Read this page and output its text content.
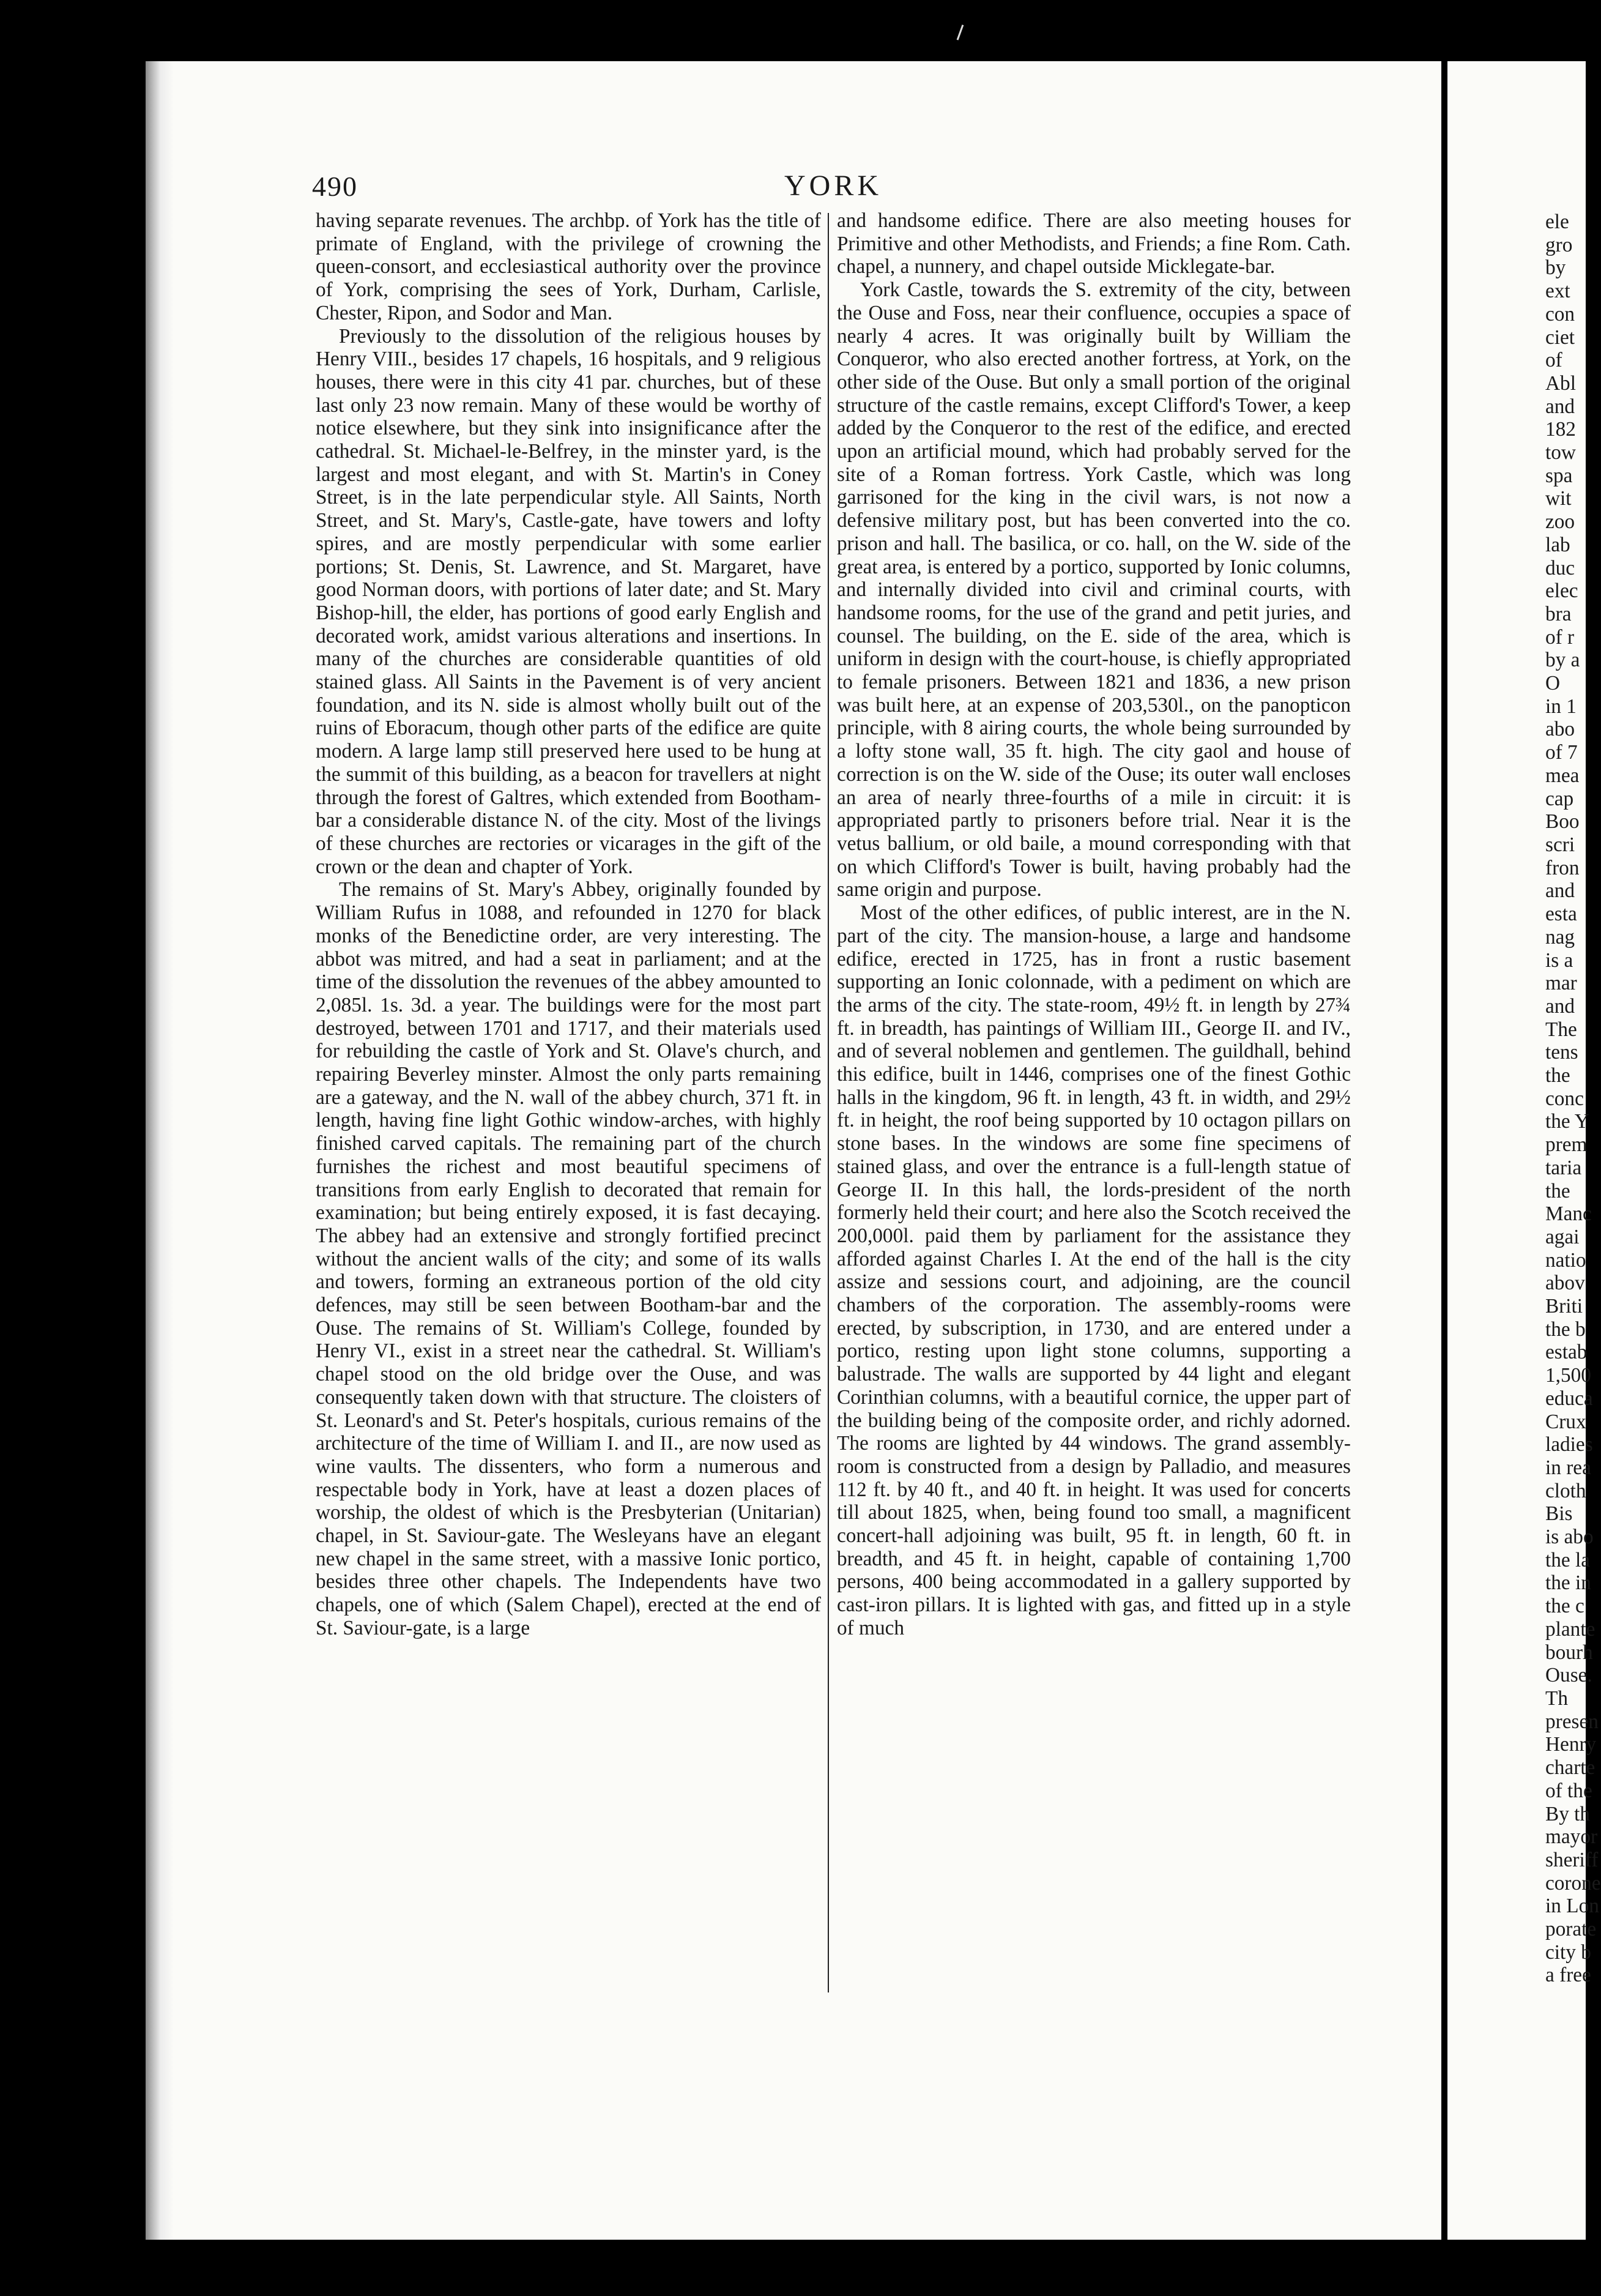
490	YORK

having separate revenues. The archbp. of York has the title of primate of England, with the privilege of crowning the queen-consort, and ecclesiastical authority over the province of York, comprising the sees of York, Durham, Carlisle, Chester, Ripon, and Sodor and Man.

Previously to the dissolution of the religious houses by Henry VIII., besides 17 chapels, 16 hospitals, and 9 religious houses, there were in this city 41 par. churches, but of these last only 23 now remain. Many of these would be worthy of notice elsewhere, but they sink into insignificance after the cathedral. St. Michael-le-Belfrey, in the minster yard, is the largest and most elegant, and with St. Martin's in Coney Street, is in the late perpendicular style. All Saints, North Street, and St. Mary's, Castle-gate, have towers and lofty spires, and are mostly perpendicular with some earlier portions; St. Denis, St. Lawrence, and St. Margaret, have good Norman doors, with portions of later date; and St. Mary Bishop-hill, the elder, has portions of good early English and decorated work, amidst various alterations and insertions. In many of the churches are considerable quantities of old stained glass. All Saints in the Pavement is of very ancient foundation, and its N. side is almost wholly built out of the ruins of Eboracum, though other parts of the edifice are quite modern. A large lamp still preserved here used to be hung at the summit of this building, as a beacon for travellers at night through the forest of Galtres, which extended from Bootham-bar a considerable distance N. of the city. Most of the livings of these churches are rectories or vicarages in the gift of the crown or the dean and chapter of York.

The remains of St. Mary's Abbey, originally founded by William Rufus in 1088, and refounded in 1270 for black monks of the Benedictine order, are very interesting. The abbot was mitred, and had a seat in parliament; and at the time of the dissolution the revenues of the abbey amounted to 2,085l. 1s. 3d. a year. The buildings were for the most part destroyed, between 1701 and 1717, and their materials used for rebuilding the castle of York and St. Olave's church, and repairing Beverley minster. Almost the only parts remaining are a gateway, and the N. wall of the abbey church, 371 ft. in length, having fine light Gothic window-arches, with highly finished carved capitals. The remaining part of the church furnishes the richest and most beautiful specimens of transitions from early English to decorated that remain for examination; but being entirely exposed, it is fast decaying. The abbey had an extensive and strongly fortified precinct without the ancient walls of the city; and some of its walls and towers, forming an extraneous portion of the old city defences, may still be seen between Bootham-bar and the Ouse. The remains of St. William's College, founded by Henry VI., exist in a street near the cathedral. St. William's chapel stood on the old bridge over the Ouse, and was consequently taken down with that structure. The cloisters of St. Leonard's and St. Peter's hospitals, curious remains of the architecture of the time of William I. and II., are now used as wine vaults. The dissenters, who form a numerous and respectable body in York, have at least a dozen places of worship, the oldest of which is the Presbyterian (Unitarian) chapel, in St. Saviour-gate. The Wesleyans have an elegant new chapel in the same street, with a massive Ionic portico, besides three other chapels. The Independents have two chapels, one of which (Salem Chapel), erected at the end of St. Saviour-gate, is a large

and handsome edifice. There are also meeting houses for Primitive and other Methodists, and Friends; a fine Rom. Cath. chapel, a nunnery, and chapel outside Micklegate-bar.

York Castle, towards the S. extremity of the city, between the Ouse and Foss, near their confluence, occupies a space of nearly 4 acres. It was originally built by William the Conqueror, who also erected another fortress, at York, on the other side of the Ouse. But only a small portion of the original structure of the castle remains, except Clifford's Tower, a keep added by the Conqueror to the rest of the edifice, and erected upon an artificial mound, which had probably served for the site of a Roman fortress. York Castle, which was long garrisoned for the king in the civil wars, is not now a defensive military post, but has been converted into the co. prison and hall. The basilica, or co. hall, on the W. side of the great area, is entered by a portico, supported by Ionic columns, and internally divided into civil and criminal courts, with handsome rooms, for the use of the grand and petit juries, and counsel. The building, on the E. side of the area, which is uniform in design with the court-house, is chiefly appropriated to female prisoners. Between 1821 and 1836, a new prison was built here, at an expense of 203,530l., on the panopticon principle, with 8 airing courts, the whole being surrounded by a lofty stone wall, 35 ft. high. The city gaol and house of correction is on the W. side of the Ouse; its outer wall encloses an area of nearly three-fourths of a mile in circuit: it is appropriated partly to prisoners before trial. Near it is the vetus ballium, or old baile, a mound corresponding with that on which Clifford's Tower is built, having probably had the same origin and purpose.

Most of the other edifices, of public interest, are in the N. part of the city. The mansion-house, a large and handsome edifice, erected in 1725, has in front a rustic basement supporting an Ionic colonnade, with a pediment on which are the arms of the city. The state-room, 49½ ft. in length by 27¾ ft. in breadth, has paintings of William III., George II. and IV., and of several noblemen and gentlemen. The guildhall, behind this edifice, built in 1446, comprises one of the finest Gothic halls in the kingdom, 96 ft. in length, 43 ft. in width, and 29½ ft. in height, the roof being supported by 10 octagon pillars on stone bases. In the windows are some fine specimens of stained glass, and over the entrance is a full-length statue of George II. In this hall, the lords-president of the north formerly held their court; and here also the Scotch received the 200,000l. paid them by parliament for the assistance they afforded against Charles I. At the end of the hall is the city assize and sessions court, and adjoining, are the council chambers of the corporation. The assembly-rooms were erected, by subscription, in 1730, and are entered under a portico, resting upon light stone columns, supporting a balustrade. The walls are supported by 44 light and elegant Corinthian columns, with a beautiful cornice, the upper part of the building being of the composite order, and richly adorned. The rooms are lighted by 44 windows. The grand assembly-room is constructed from a design by Palladio, and measures 112 ft. by 40 ft., and 40 ft. in height. It was used for concerts till about 1825, when, being found too small, a magnificent concert-hall adjoining was built, 95 ft. in length, 60 ft. in breadth, and 45 ft. in height, capable of containing 1,700 persons, 400 being accommodated in a gallery supported by cast-iron pillars. It is lighted with gas, and fitted up in a style of much

ele
gro
by
ext
con
ciet
of
Abl
and
182
tow
spa
wit
zoo
lab
duc
elec
bra
of r
by a
O
in 1
abo
of 7
mea
cap
Boo
scri
fron
and
esta
nag
is a
mar
and
The
tens
the
conc
the Y
prem
taria
the
Manc
agai
natio
abov
Briti
the b
estab
1,500
educa
Crux
ladies
in rea
cloth
Bis
is abo
the la
the in
the c
plante
bourh
Ouse.
Th
presen
Henry
charte
of the
By th
mayor
sheriff
corone
in Lon
porate
city b
a free
